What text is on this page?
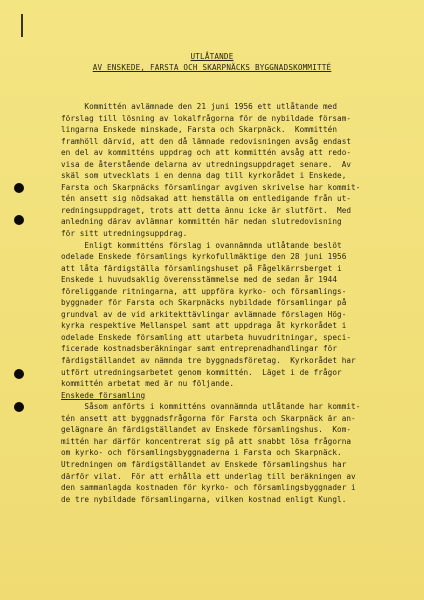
UTLÅTANDE
AV ENSKEDE, FARSTA OCH SKARPNÄCKS BYGGNADSKOMMITTÉ
Kommittén avlämnade den 21 juni 1956 ett utlåtande med
förslag till lösning av lokalfrågorna för de nybildade försam-
lingarna Enskede minskade, Farsta och Skarpnäck.  Kommittén
framhöll därvid, att den då lämnade redovisningen avsåg endast
en del av kommitténs uppdrag och att kommittén avsåg att redo-
visa de återstående delarna av utredningsuppdraget senare.  Av
skäl som utvecklats i en denna dag till kyrkorådet i Enskede,
Farsta och Skarpnäcks församlingar avgiven skrivelse har kommit-
tén ansett sig nödsakad att hemställa om entledigande från ut-
redningsuppdraget, trots att detta ännu icke är slutfört.  Med
anledning därav avlämnar kommittén här nedan slutredovisning
för sitt utredningsuppdrag.
Enligt kommitténs förslag i ovannämnda utlåtande beslöt
odelade Enskede församlings kyrkofullmäktige den 28 juni 1956
att låta färdigställa församlingshuset på Fågelkärrsberget i
Enskede i huvudsaklig överensstämmelse med de sedan år 1944
föreliggande ritningarna, att uppföra kyrko- och församlings-
byggnader för Farsta och Skarpnäcks nybildade församlingar på
grundval av de vid arkitekttävlingar avlämnade förslagen Hög-
kyrka respektive Mellanspel samt att uppdraga åt kyrkorådet i
odelade Enskede församling att utarbeta huvudritningar, speci-
ficerade kostnadsberäkningar samt entreprenadhandlingar för
färdigställandet av nämnda tre byggnadsföretag.  Kyrkorådet har
utfört utredningsarbetet genom kommittén.  Läget i de frågor
kommittén arbetat med är nu följande.
Enskede församling
Såsom anförts i kommitténs ovannämnda utlåtande har kommit-
tén ansett att byggnadsfrågorna för Farsta och Skarpnäck är an-
gelägnare än färdigställandet av Enskede församlingshus.  Kom-
mittén har därför koncentrerat sig på att snabbt lösa frågorna
om kyrko- och församlingsbyggnaderna i Farsta och Skarpnäck.
Utredningen om färdigställandet av Enskede församlingshus har
därför vilat.  För att erhålla ett underlag till beräkningen av
den sammanlagda kostnaden för kyrko- och församlingsbyggnader i
de tre nybildade församlingarna, vilken kostnad enligt Kungl.
